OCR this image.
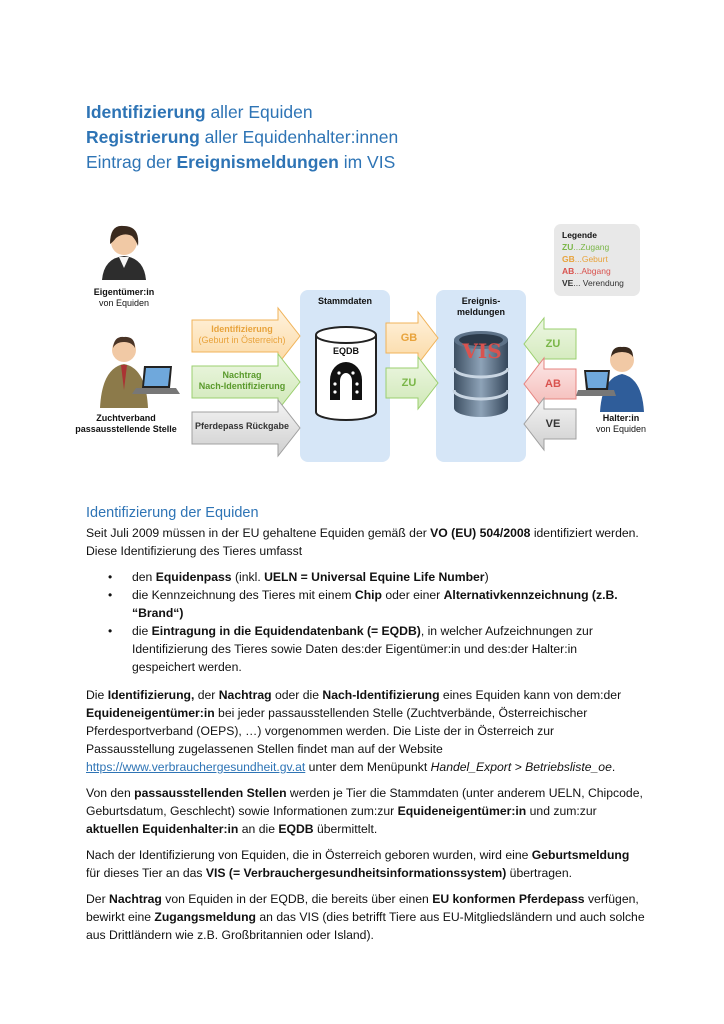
Identifizierung aller Equiden
Registrierung aller Equidenhalter:innen
Eintrag der Ereignismeldungen im VIS
Eigentümer:in
von Equiden
Zuchtverband
passausstellende Stelle
Identifizierung
(Geburt in Österreich)
Nachtrag
Nach-Identifizierung
Pferdepass Rückgabe
Stammdaten
EQDB
Ereignis-
meldungen
VIS
GB
ZU
ZU
AB
VE	Halter:in
von Equiden
Legende
ZU...Zugang
GB...Geburt
AB...Abgang
VE... Verendung
Identifizierung der Equiden
Seit Juli 2009 müssen in der EU gehaltene Equiden gemäß der VO (EU) 504/2008 identifiziert werden. Diese Identifizierung des Tieres umfasst
• den Equidenpass (inkl. UELN = Universal Equine Life Number)
• die Kennzeichnung des Tieres mit einem Chip oder einer Alternativkennzeichnung (z.B. “Brand“)
• die Eintragung in die Equidendatenbank (= EQDB), in welcher Aufzeichnungen zur Identifizierung des Tieres sowie Daten des:der Eigentümer:in und des:der Halter:in gespeichert werden.
Die Identifizierung, der Nachtrag oder die Nach-Identifizierung eines Equiden kann von dem:der Equideneigentümer:in bei jeder passausstellenden Stelle (Zuchtverbände, Österreichischer Pferdesportverband (OEPS), …) vorgenommen werden. Die Liste der in Österreich zur Passausstellung zugelassenen Stellen findet man auf der Website https://www.verbrauchergesundheit.gv.at unter dem Menüpunkt Handel_Export > Betriebsliste_oe.
Von den passausstellenden Stellen werden je Tier die Stammdaten (unter anderem UELN, Chipcode, Geburtsdatum, Geschlecht) sowie Informationen zum:zur Equideneigentümer:in und zum:zur aktuellen Equidenhalter:in an die EQDB übermittelt.
Nach der Identifizierung von Equiden, die in Österreich geboren wurden, wird eine Geburtsmeldung für dieses Tier an das VIS (= Verbrauchergesundheitsinformationssystem) übertragen.
Der Nachtrag von Equiden in der EQDB, die bereits über einen EU konformen Pferdepass verfügen, bewirkt eine Zugangsmeldung an das VIS (dies betrifft Tiere aus EU-Mitgliedsländern und auch solche aus Drittländern wie z.B. Großbritannien oder Island).
